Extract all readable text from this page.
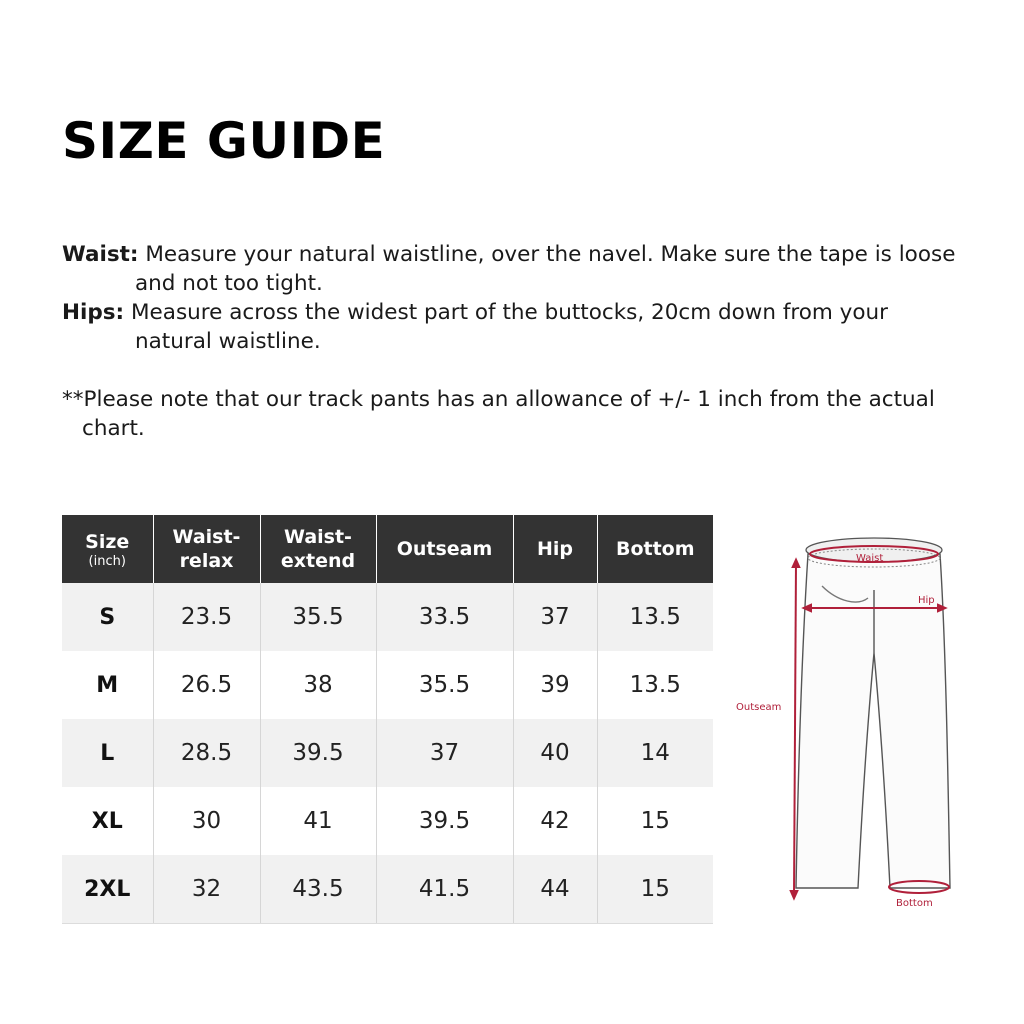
SIZE GUIDE

Waist: Measure your natural waistline, over the navel. Make sure the tape is loose and not too tight.

Hips: Measure across the widest part of the buttocks, 20cm down from your natural waistline.

**Please note that our track pants has an allowance of +/- 1 inch from the actual chart.

Size
(inch)	Waist-relax	Waist-extend	Outseam	Hip	Bottom
S	23.5	35.5	33.5	37	13.5
M	26.5	38	35.5	39	13.5
L	28.5	39.5	37	40	14
XL	30	41	39.5	42	15
2XL	32	43.5	41.5	44	15
Waist
Hip
Outseam
Bottom
